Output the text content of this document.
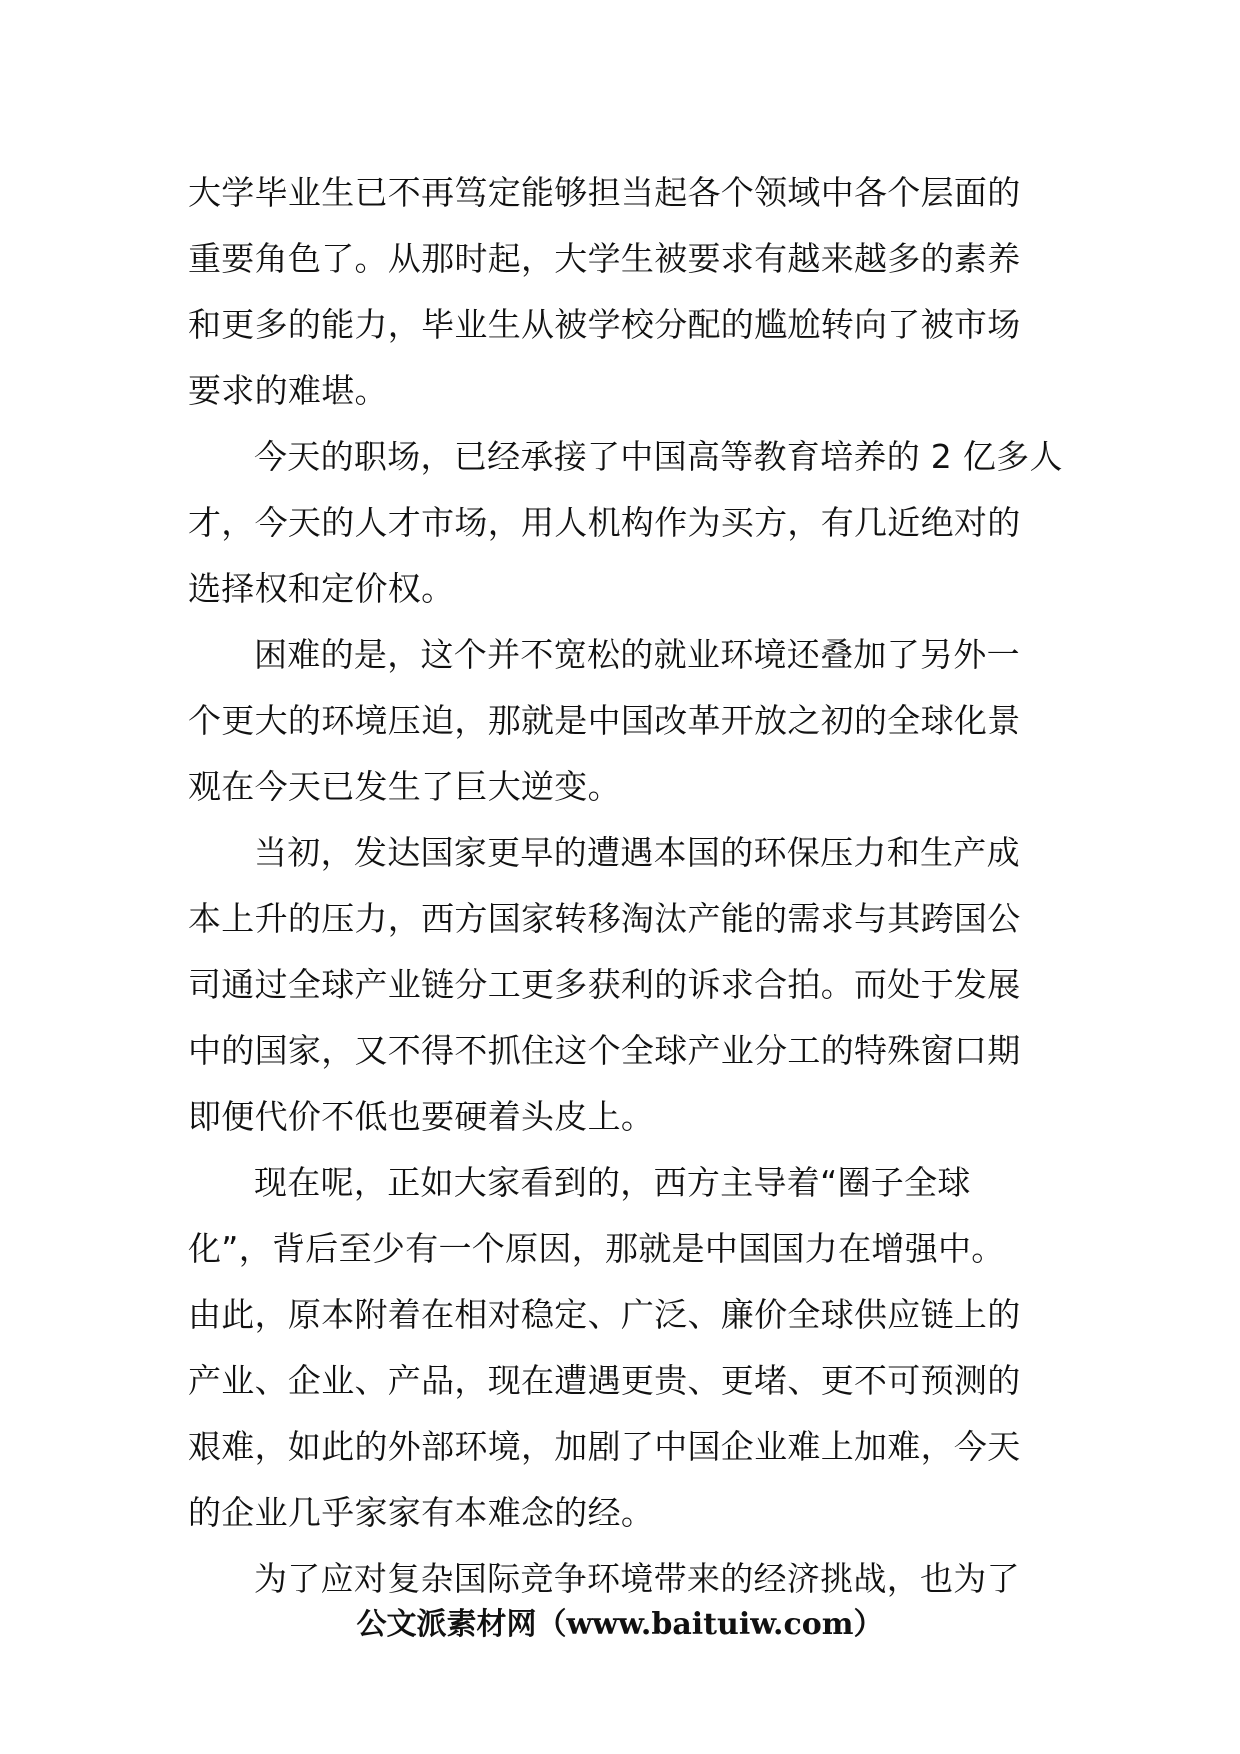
大学毕业生已不再笃定能够担当起各个领域中各个层面的
重要角色了。从那时起，大学生被要求有越来越多的素养
和更多的能力，毕业生从被学校分配的尴尬转向了被市场
要求的难堪。
今天的职场，已经承接了中国高等教育培养的 2 亿多人
才，今天的人才市场，用人机构作为买方，有几近绝对的
选择权和定价权。
困难的是，这个并不宽松的就业环境还叠加了另外一
个更大的环境压迫，那就是中国改革开放之初的全球化景
观在今天已发生了巨大逆变。
当初，发达国家更早的遭遇本国的环保压力和生产成
本上升的压力，西方国家转移淘汰产能的需求与其跨国公
司通过全球产业链分工更多获利的诉求合拍。而处于发展
中的国家，又不得不抓住这个全球产业分工的特殊窗口期
即便代价不低也要硬着头皮上。
现在呢，正如大家看到的，西方主导着“圈子全球
化”，背后至少有一个原因，那就是中国国力在增强中。
由此，原本附着在相对稳定、广泛、廉价全球供应链上的
产业、企业、产品，现在遭遇更贵、更堵、更不可预测的
艰难，如此的外部环境，加剧了中国企业难上加难，今天
的企业几乎家家有本难念的经。
为了应对复杂国际竞争环境带来的经济挑战，也为了
公文派素材网（www.baituiw.com）
